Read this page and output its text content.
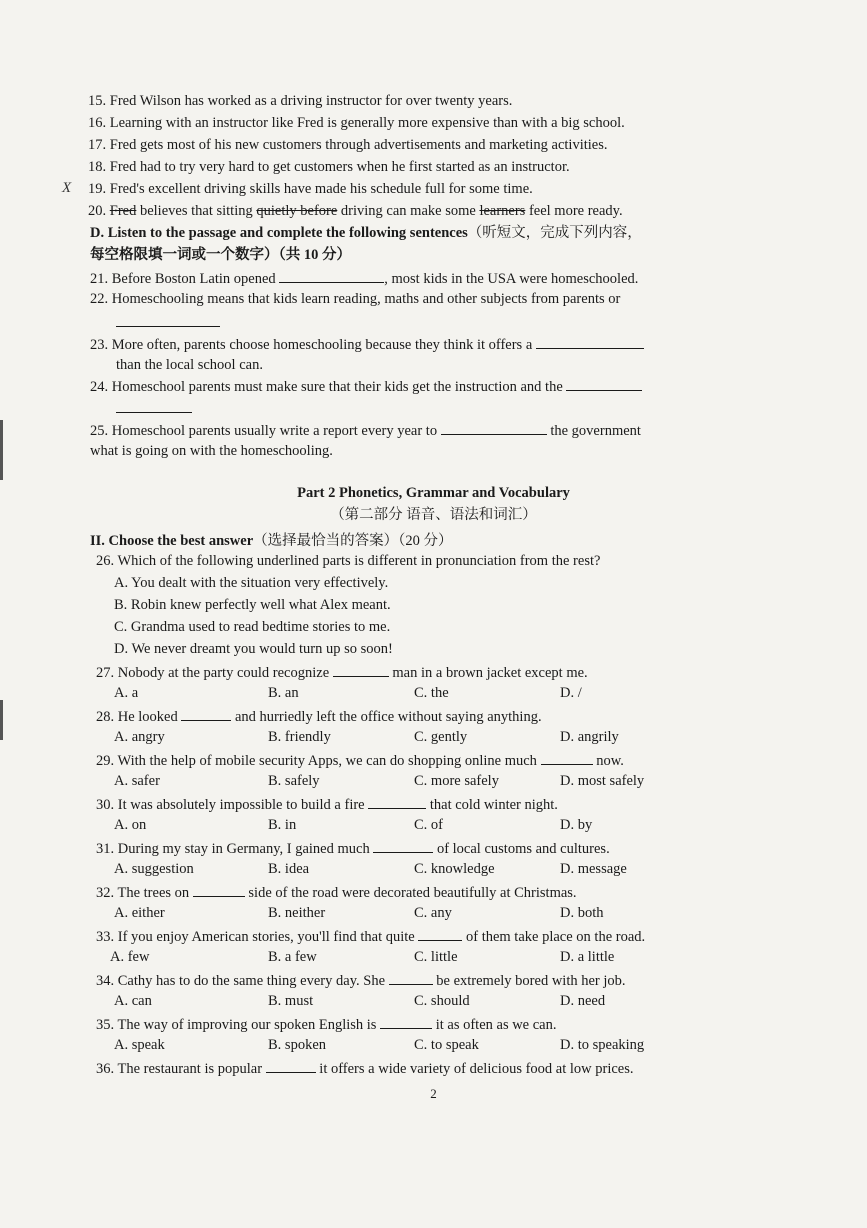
15. Fred Wilson has worked as a driving instructor for over twenty years.
16. Learning with an instructor like Fred is generally more expensive than with a big school.
17. Fred gets most of his new customers through advertisements and marketing activities.
18. Fred had to try very hard to get customers when he first started as an instructor.
X 19. Fred's excellent driving skills have made his schedule full for some time.
20. Fred believes that sitting quietly before driving can make some learners feel more ready.
D. Listen to the passage and complete the following sentences（听短文，完成下列内容，
每空格限填一词或一个数字）（共 10 分）
21. Before Boston Latin opened	, most kids in the USA were homeschooled.
22. Homeschooling means that kids learn reading, maths and other subjects from parents or
23. More often, parents choose homeschooling because they think it offers a
than the local school can.
24. Homeschool parents must make sure that their kids get the instruction and the
25. Homeschool parents usually write a report every year to	the government
what is going on with the homeschooling.
Part 2 Phonetics, Grammar and Vocabulary
（第二部分 语音、语法和词汇）
II. Choose the best answer（选择最恰当的答案）（20 分）
26. Which of the following underlined parts is different in pronunciation from the rest?
A. You dealt with the situation very effectively.
B. Robin knew perfectly well what Alex meant.
C. Grandma used to read bedtime stories to me.
D. We never dreamt you would turn up so soon!
27. Nobody at the party could recognize	man in a brown jacket except me.
A. a	B. an	C. the	D. /
28. He looked	and hurriedly left the office without saying anything.
A. angry	B. friendly	C. gently	D. angrily
29. With the help of mobile security Apps, we can do shopping online much	now.
A. safer	B. safely	C. more safely	D. most safely
30. It was absolutely impossible to build a fire	that cold winter night.
A. on	B. in	C. of	D. by
31. During my stay in Germany, I gained much	of local customs and cultures.
A. suggestion	B. idea	C. knowledge	D. message
32. The trees on	side of the road were decorated beautifully at Christmas.
A. either	B. neither	C. any	D. both
33. If you enjoy American stories, you'll find that quite	of them take place on the road.
A. few	B. a few	C. little	D. a little
34. Cathy has to do the same thing every day. She	be extremely bored with her job.
A. can	B. must	C. should	D. need
35. The way of improving our spoken English is	it as often as we can.
A. speak	B. spoken	C. to speak	D. to speaking
36. The restaurant is popular	it offers a wide variety of delicious food at low prices.
2
